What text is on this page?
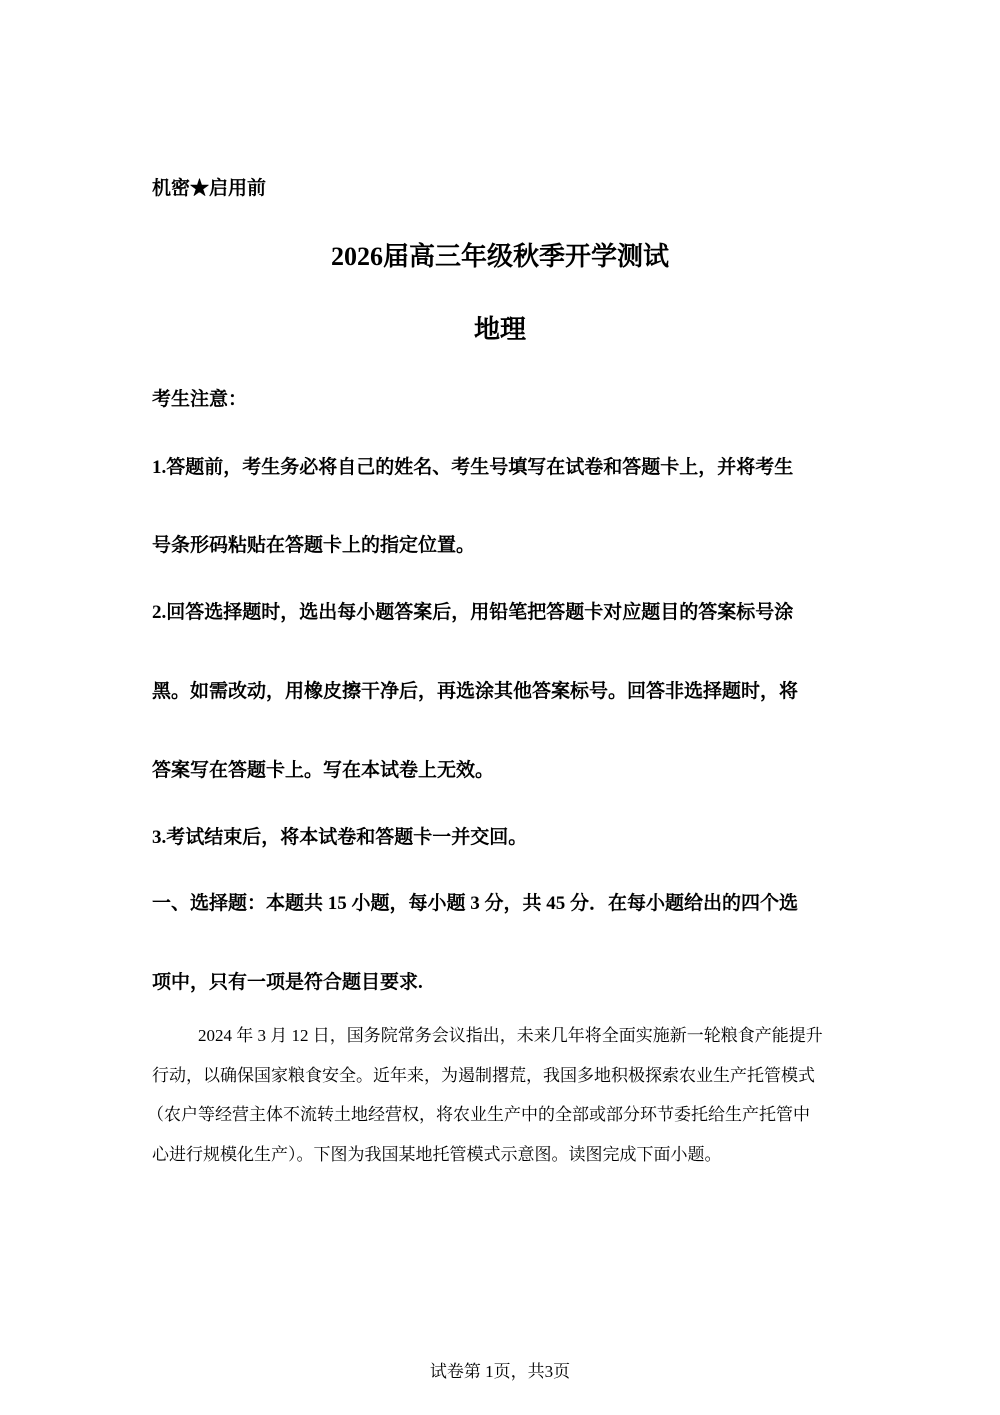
机密★启用前
2026届高三年级秋季开学测试
地理
考生注意：
1.答题前，考生务必将自己的姓名、考生号填写在试卷和答题卡上，并将考生
号条形码粘贴在答题卡上的指定位置。
2.回答选择题时，选出每小题答案后，用铅笔把答题卡对应题目的答案标号涂
黑。如需改动，用橡皮擦干净后，再选涂其他答案标号。回答非选择题时，将
答案写在答题卡上。写在本试卷上无效。
3.考试结束后，将本试卷和答题卡一并交回。
一、选择题：本题共 15 小题，每小题 3 分，共 45 分．在每小题给出的四个选
项中，只有一项是符合题目要求.
2024 年 3 月 12 日，国务院常务会议指出，未来几年将全面实施新一轮粮食产能提升
行动，以确保国家粮食安全。近年来，为遏制撂荒，我国多地积极探索农业生产托管模式
（农户等经营主体不流转土地经营权，将农业生产中的全部或部分环节委托给生产托管中
心进行规模化生产）。下图为我国某地托管模式示意图。读图完成下面小题。
试卷第 1页，共3页
